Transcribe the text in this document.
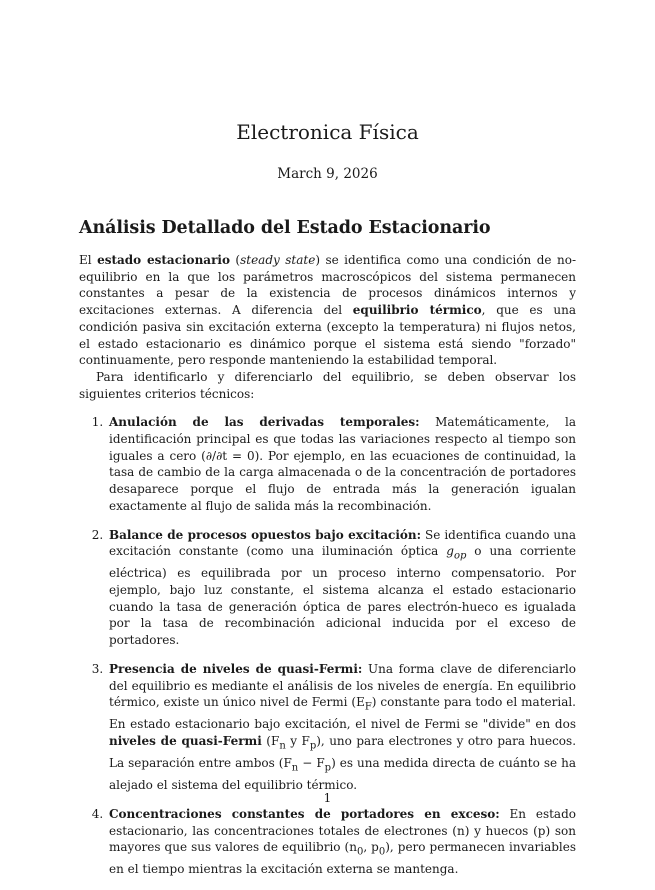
Electronica Física
March 9, 2026
Análisis Detallado del Estado Estacionario

El estado estacionario (steady state) se identifica como una condición de no-equilibrio en la que los parámetros macroscópicos del sistema permanecen constantes a pesar de la existencia de procesos dinámicos internos y excitaciones externas. A diferencia del equilibrio térmico, que es una condición pasiva sin excitación externa (excepto la temperatura) ni flujos netos, el estado estacionario es dinámico porque el sistema está siendo "forzado" continuamente, pero responde manteniendo la estabilidad temporal.

Para identificarlo y diferenciarlo del equilibrio, se deben observar los siguientes criterios técnicos:

1. Anulación de las derivadas temporales: Matemáticamente, la identificación principal es que todas las variaciones respecto al tiempo son iguales a cero (∂/∂t = 0). Por ejemplo, en las ecuaciones de continuidad, la tasa de cambio de la carga almacenada o de la concentración de portadores desaparece porque el flujo de entrada más la generación igualan exactamente al flujo de salida más la recombinación.
2. Balance de procesos opuestos bajo excitación: Se identifica cuando una excitación constante (como una iluminación óptica $g_{op}$ o una corriente eléctrica) es equilibrada por un proceso interno compensatorio. Por ejemplo, bajo luz constante, el sistema alcanza el estado estacionario cuando la tasa de generación óptica de pares electrón-hueco es igualada por la tasa de recombinación adicional inducida por el exceso de portadores.
3. Presencia de niveles de quasi-Fermi: Una forma clave de diferenciarlo del equilibrio es mediante el análisis de los niveles de energía. En equilibrio térmico, existe un único nivel de Fermi $(E_F)$ constante para todo el material. En estado estacionario bajo excitación, el nivel de Fermi se "divide" en dos niveles de quasi-Fermi ($F_n$ y $F_p$), uno para electrones y otro para huecos. La separación entre ambos $(F_n - F_p)$ es una medida directa de cuánto se ha alejado el sistema del equilibrio térmico.
4. Concentraciones constantes de portadores en exceso: En estado estacionario, las concentraciones totales de electrones (n) y huecos (p) son mayores que sus valores de equilibrio ($n_0$, $p_0$), pero permanecen invariables en el tiempo mientras la excitación externa se mantenga.
1
